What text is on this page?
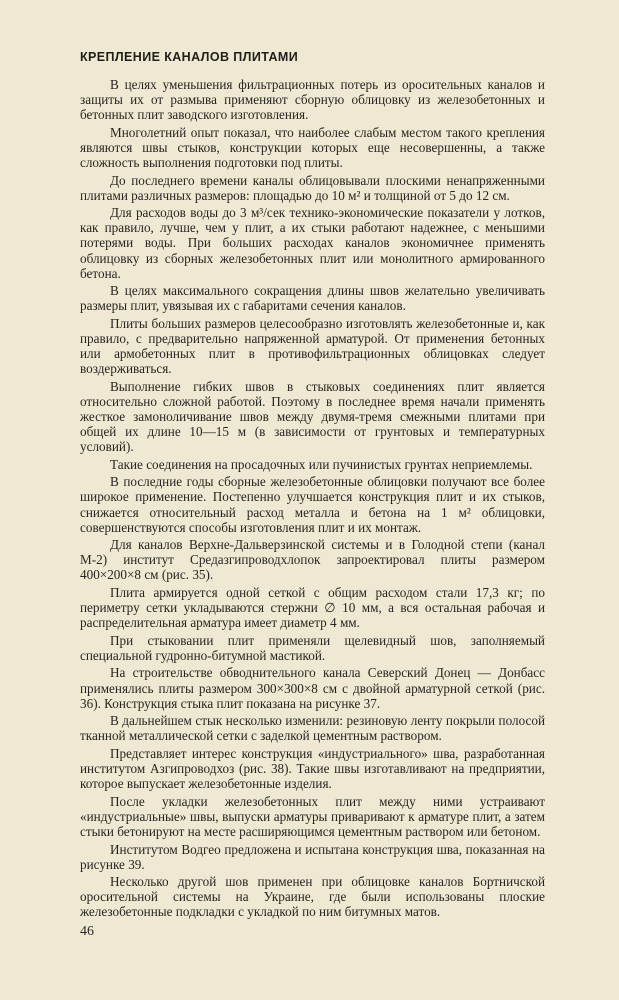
КРЕПЛЕНИЕ КАНАЛОВ ПЛИТАМИ

В целях уменьшения фильтрационных потерь из оросительных каналов и защиты их от размыва применяют сборную облицовку из железобетонных и бетонных плит заводского изготовления.

Многолетний опыт показал, что наиболее слабым местом такого крепления являются швы стыков, конструкции которых еще несовершенны, а также сложность выполнения подготовки под плиты.

До последнего времени каналы облицовывали плоскими ненапряженными плитами различных размеров: площадью до 10 м² и толщиной от 5 до 12 см.

Для расходов воды до 3 м³/сек технико-экономические показатели у лотков, как правило, лучше, чем у плит, а их стыки работают надежнее, с меньшими потерями воды. При больших расходах каналов экономичнее применять облицовку из сборных железобетонных плит или монолитного армированного бетона.

В целях максимального сокращения длины швов желательно увеличивать размеры плит, увязывая их с габаритами сечения каналов.

Плиты больших размеров целесообразно изготовлять железобетонные и, как правило, с предварительно напряженной арматурой. От применения бетонных или армобетонных плит в противофильтрационных облицовках следует воздерживаться.

Выполнение гибких швов в стыковых соединениях плит является относительно сложной работой. Поэтому в последнее время начали применять жесткое замоноличивание швов между двумя-тремя смежными плитами при общей их длине 10—15 м (в зависимости от грунтовых и температурных условий).

Такие соединения на просадочных или пучинистых грунтах неприемлемы.

В последние годы сборные железобетонные облицовки получают все более широкое применение. Постепенно улучшается конструкция плит и их стыков, снижается относительный расход металла и бетона на 1 м² облицовки, совершенствуются способы изготовления плит и их монтаж.

Для каналов Верхне-Дальверзинской системы и в Голодной степи (канал М-2) институт Средазгипроводхлопок запроектировал плиты размером 400×200×8 см (рис. 35).

Плита армируется одной сеткой с общим расходом стали 17,3 кг; по периметру сетки укладываются стержни ∅ 10 мм, а вся остальная рабочая и распределительная арматура имеет диаметр 4 мм.

При стыковании плит применяли щелевидный шов, заполняемый специальной гудронно-битумной мастикой.

На строительстве обводнительного канала Северский Донец — Донбасс применялись плиты размером 300×300×8 см с двойной арматурной сеткой (рис. 36). Конструкция стыка плит показана на рисунке 37.

В дальнейшем стык несколько изменили: резиновую ленту покрыли полосой тканной металлической сетки с заделкой цементным раствором.

Представляет интерес конструкция «индустриального» шва, разработанная институтом Азгипроводхоз (рис. 38). Такие швы изготавливают на предприятии, которое выпускает железобетонные изделия.

После укладки железобетонных плит между ними устраивают «индустриальные» швы, выпуски арматуры приваривают к арматуре плит, а затем стыки бетонируют на месте расширяющимся цементным раствором или бетоном.

Институтом Водгео предложена и испытана конструкция шва, показанная на рисунке 39.

Несколько другой шов применен при облицовке каналов Бортничской оросительной системы на Украине, где были использованы плоские железобетонные подкладки с укладкой по ним битумных матов.

46
